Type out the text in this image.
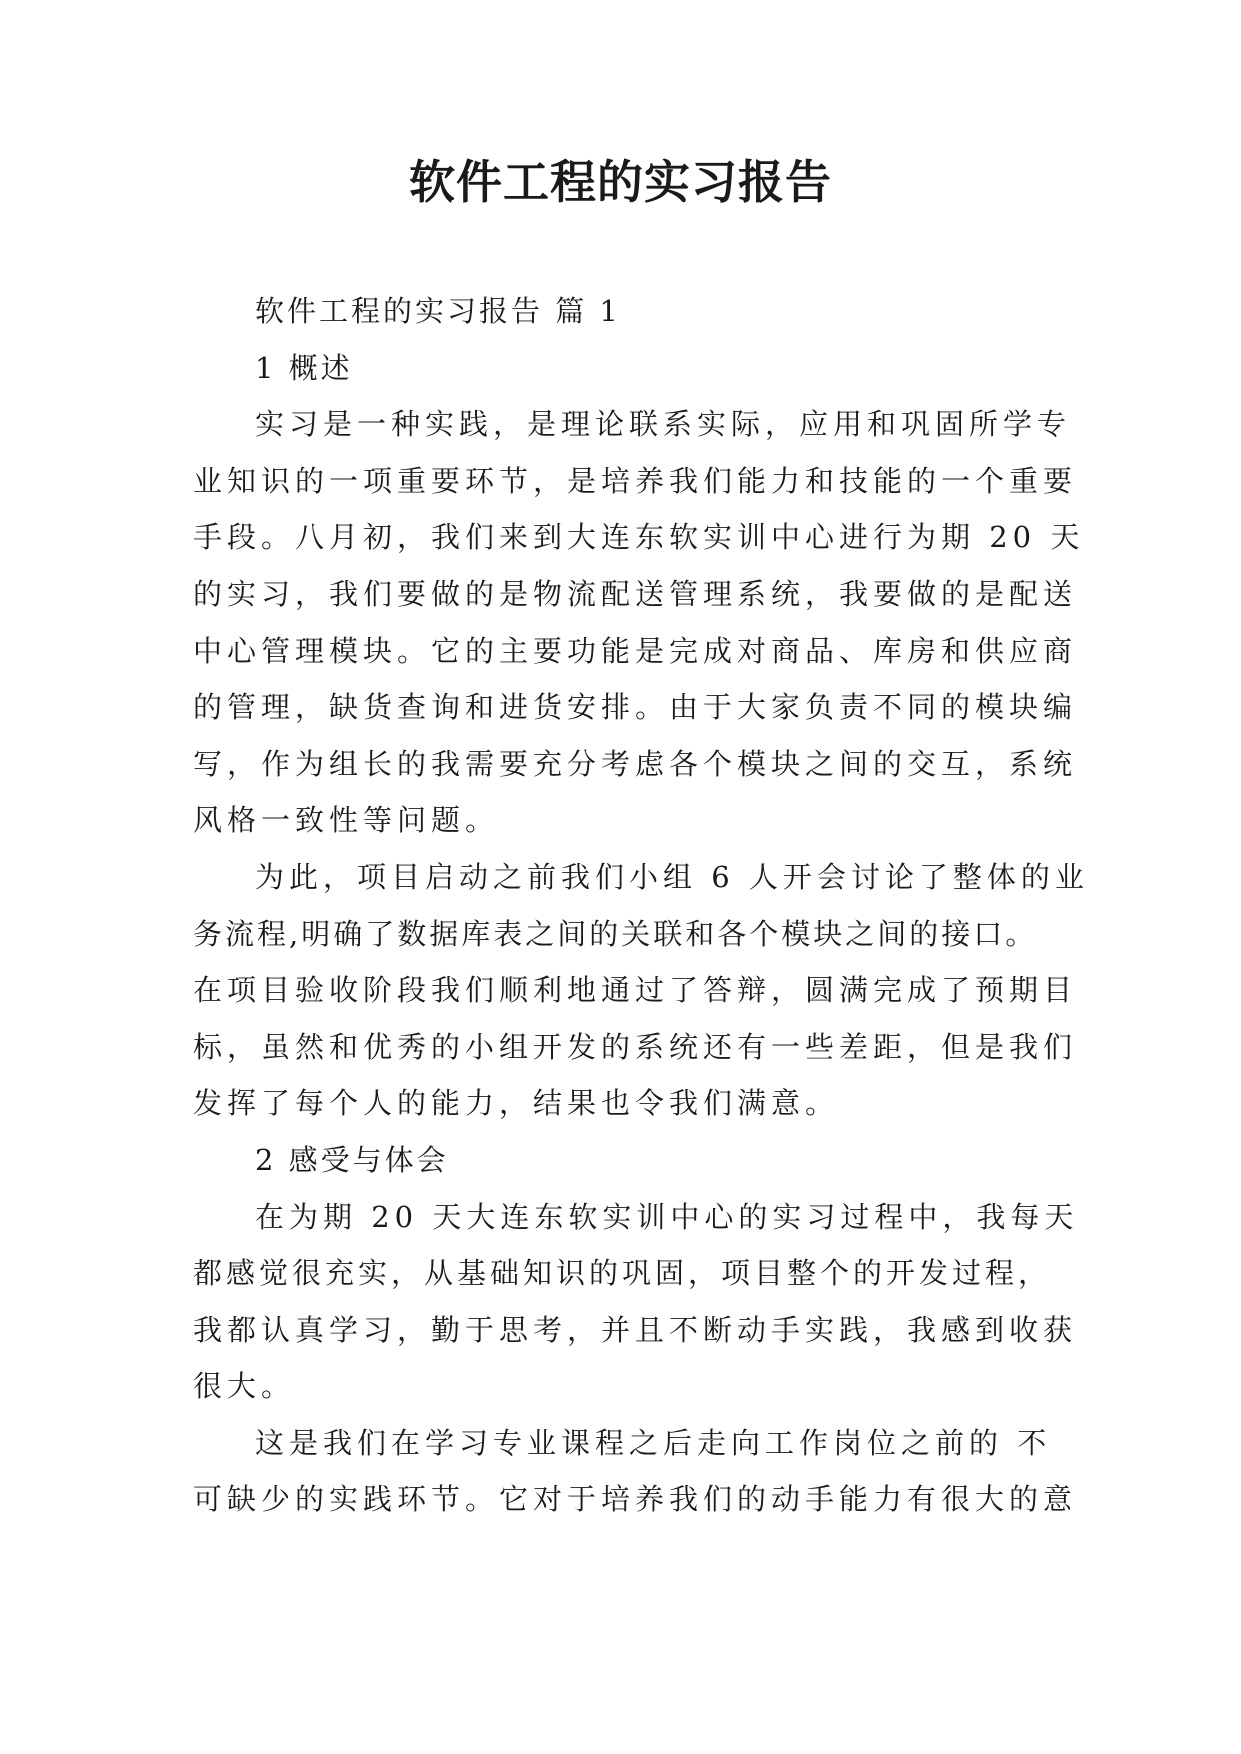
软件工程的实习报告

软件工程的实习报告 篇 1

1 概述

实习是一种实践，是理论联系实际，应用和巩固所学专

业知识的一项重要环节，是培养我们能力和技能的一个重要

手段。八月初，我们来到大连东软实训中心进行为期 20 天

的实习，我们要做的是物流配送管理系统，我要做的是配送

中心管理模块。它的主要功能是完成对商品、库房和供应商

的管理，缺货查询和进货安排。由于大家负责不同的模块编

写，作为组长的我需要充分考虑各个模块之间的交互，系统

风格一致性等问题。

为此，项目启动之前我们小组 6 人开会讨论了整体的业

务流程,明确了数据库表之间的关联和各个模块之间的接口。

在项目验收阶段我们顺利地通过了答辩，圆满完成了预期目

标，虽然和优秀的小组开发的系统还有一些差距，但是我们

发挥了每个人的能力，结果也令我们满意。

2 感受与体会

在为期 20 天大连东软实训中心的实习过程中，我每天

都感觉很充实，从基础知识的巩固，项目整个的开发过程，

我都认真学习，勤于思考，并且不断动手实践，我感到收获

很大。

这是我们在学习专业课程之后走向工作岗位之前的 不

可缺少的实践环节。它对于培养我们的动手能力有很大的意
